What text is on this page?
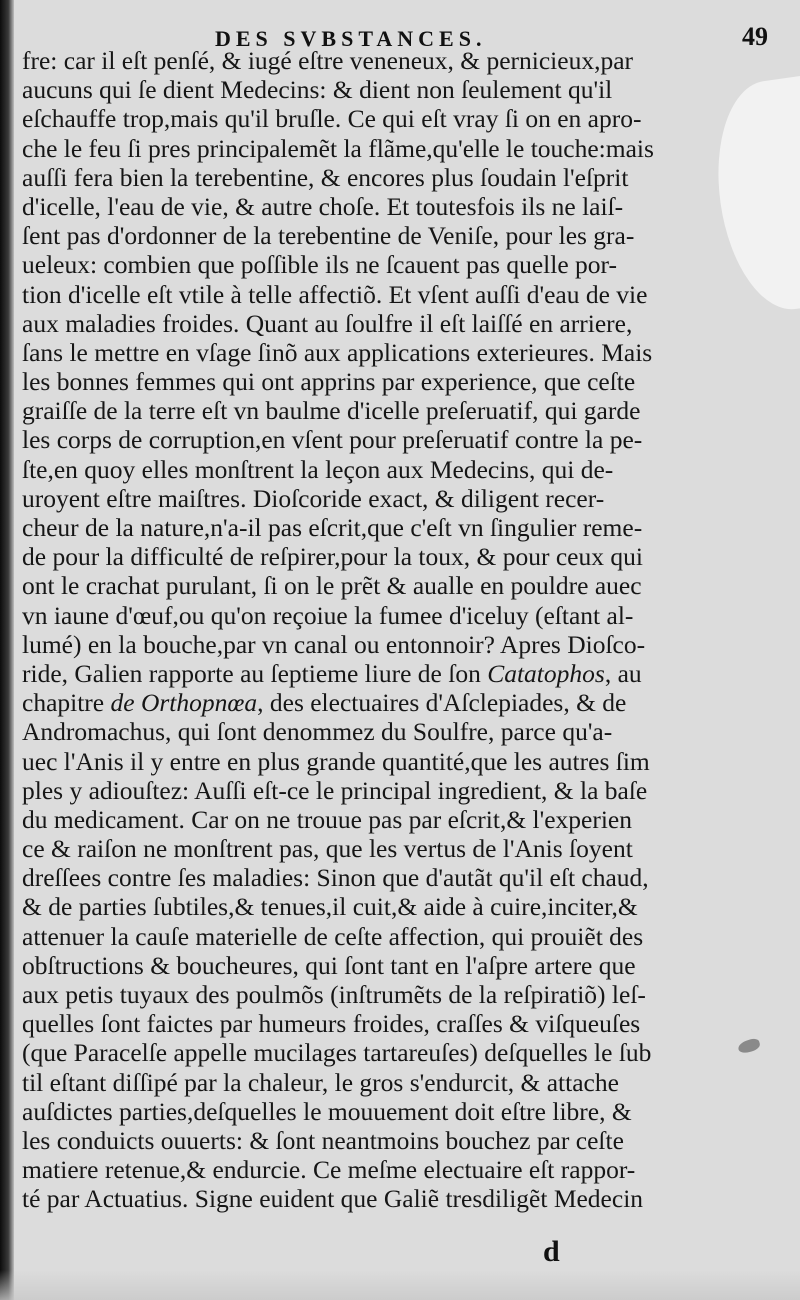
DES SVBSTANCES.	49
fre: car il eſt penſé, & iugé eſtre veneneux, & pernicieux,par
aucuns qui ſe dient Medecins: & dient non ſeulement qu'il
eſchauffe trop,mais qu'il bruſle. Ce qui eſt vray ſi on en apro-
che le feu ſi pres principalemẽt la flãme,qu'elle le touche:mais
auſſi fera bien la terebentine, & encores plus ſoudain l'eſprit
d'icelle, l'eau de vie, & autre choſe. Et toutesfois ils ne laiſ-
ſent pas d'ordonner de la terebentine de Veniſe, pour les gra-
ueleux: combien que poſſible ils ne ſcauent pas quelle por-
tion d'icelle eſt vtile à telle affectiõ. Et vſent auſſi d'eau de vie
aux maladies froides. Quant au ſoulfre il eſt laiſſé en arriere,
ſans le mettre en vſage ſinõ aux applications exterieures. Mais
les bonnes femmes qui ont apprins par experience, que ceſte
graiſſe de la terre eſt vn baulme d'icelle preſeruatif, qui garde
les corps de corruption,en vſent pour preſeruatif contre la pe-
ſte,en quoy elles monſtrent la leçon aux Medecins, qui de-
uroyent eſtre maiſtres. Dioſcoride exact, & diligent recer-
cheur de la nature,n'a-il pas eſcrit,que c'eſt vn ſingulier reme-
de pour la difficulté de reſpirer,pour la toux, & pour ceux qui
ont le crachat purulant, ſi on le prẽt & aualle en pouldre auec
vn iaune d'œuf,ou qu'on reçoiue la fumee d'iceluy (eſtant al-
lumé) en la bouche,par vn canal ou entonnoir? Apres Dioſco-
ride, Galien rapporte au ſeptieme liure de ſon Catatophos, au
chapitre de Orthopnœa, des electuaires d'Aſclepiades, & de
Andromachus, qui ſont denommez du Soulfre, parce qu'a-
uec l'Anis il y entre en plus grande quantité,que les autres ſim
ples y adiouſtez: Auſſi eſt-ce le principal ingredient, & la baſe
du medicament. Car on ne trouue pas par eſcrit,& l'experien
ce & raiſon ne monſtrent pas, que les vertus de l'Anis ſoyent
dreſſees contre ſes maladies: Sinon que d'autãt qu'il eſt chaud,
& de parties ſubtiles,& tenues,il cuit,& aide à cuire,inciter,&
attenuer la cauſe materielle de ceſte affection, qui prouiẽt des
obſtructions & boucheures, qui ſont tant en l'aſpre artere que
aux petis tuyaux des poulmõs (inſtrumẽts de la reſpiratiõ) leſ-
quelles ſont faictes par humeurs froides, craſſes & viſqueuſes
(que Paracelſe appelle mucilages tartareuſes) deſquelles le ſub
til eſtant diſſipé par la chaleur, le gros s'endurcit, & attache
auſdictes parties,deſquelles le mouuement doit eſtre libre, &
les conduicts ouuerts: & ſont neantmoins bouchez par ceſte
matiere retenue,& endurcie. Ce meſme electuaire eſt rappor-
té par Actuatius. Signe euident que Galiẽ tresdiligẽt Medecin
d
